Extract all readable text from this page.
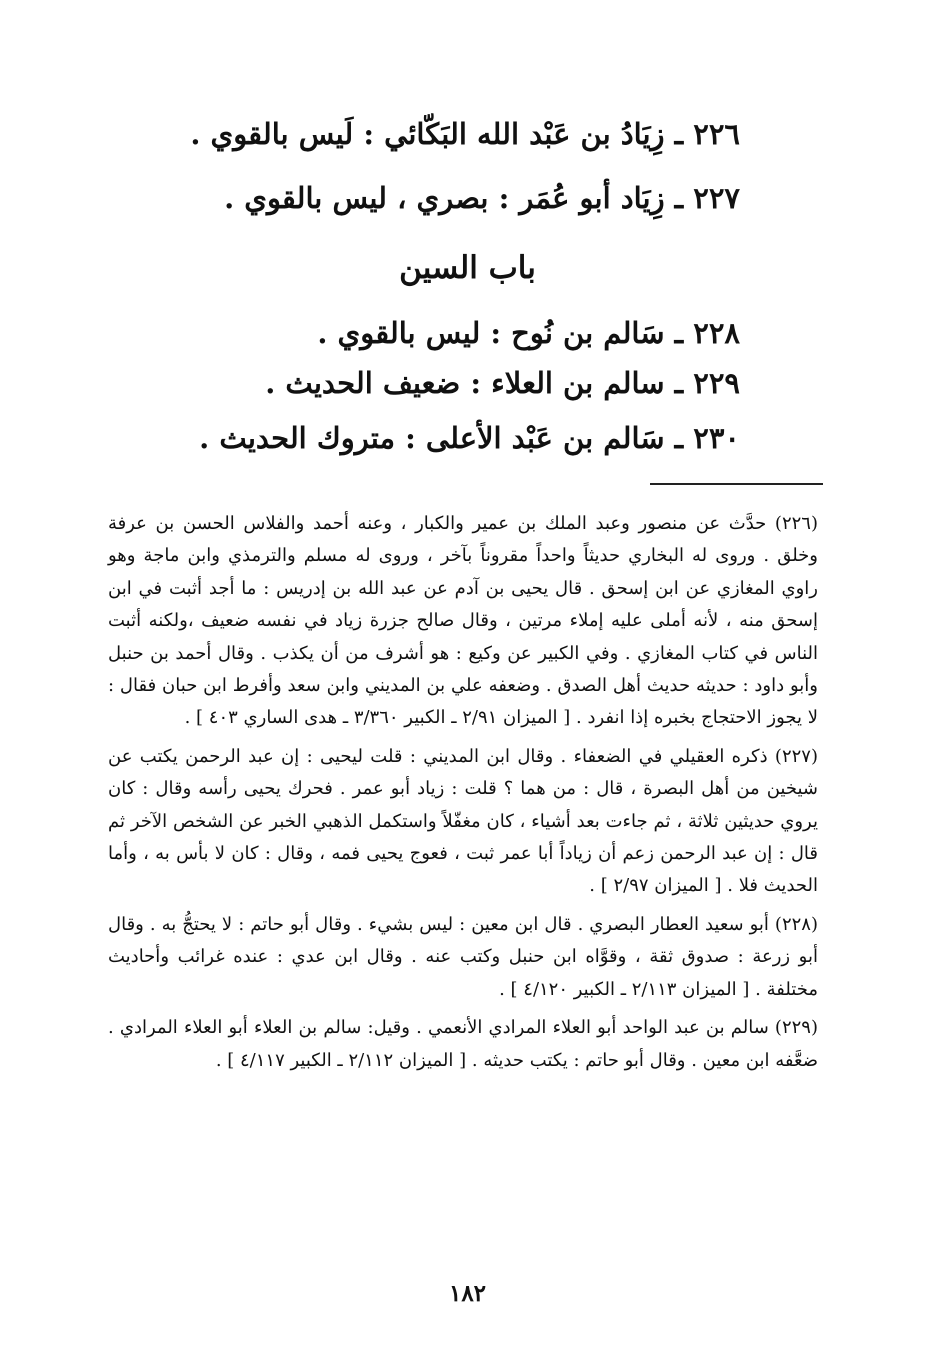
٢٢٦ ـ زِيَادُ بن عَبْد الله البَكّائي : لَيس بالقوي .
٢٢٧ ـ زِيَاد أبو عُمَر : بصري ، ليس بالقوي .
باب السين
٢٢٨ ـ سَالم بن نُوح : ليس بالقوي .
٢٢٩ ـ سالم بن العلاء : ضعيف الحديث .
٢٣٠ ـ سَالم بن عَبْد الأعلى : متروك الحديث .

(٢٢٦) حدَّث عن منصور وعبد الملك بن عمير والكبار ، وعنه أحمد والفلاس الحسن بن عرفة وخلق . وروى له البخاري حديثاً واحداً مقروناً بآخر ، وروى له مسلم والترمذي وابن ماجة وهو راوي المغازي عن ابن إسحق . قال يحيى بن آدم عن عبد الله بن إدريس : ما أجد أثبت في ابن إسحق منه ، لأنه أملى عليه إملاء مرتين ، وقال صالح جزرة زياد في نفسه ضعيف ،ولكنه أثبت الناس في كتاب المغازي . وفي الكبير عن وكيع : هو أشرف من أن يكذب . وقال أحمد بن حنبل وأبو داود : حديثه حديث أهل الصدق . وضعفه علي بن المديني وابن سعد وأفرط ابن حبان فقال : لا يجوز الاحتجاج بخبره إذا انفرد . [ الميزان ٢/٩١ ـ الكبير ٣/٣٦٠ ـ هدى الساري ٤٠٣ ] .

(٢٢٧) ذكره العقيلي في الضعفاء . وقال ابن المديني : قلت ليحيى : إن عبد الرحمن يكتب عن شيخين من أهل البصرة ، قال : من هما ؟ قلت : زياد أبو عمر . فحرك يحيى رأسه وقال : كان يروي حديثين ثلاثة ، ثم جاءت بعد أشياء ، كان مغفّلاً واستكمل الذهبي الخبر عن الشخص الآخر ثم قال : إن عبد الرحمن زعم أن زياداً أبا عمر ثبت ، فعوج يحيى فمه ، وقال : كان لا بأس به ، وأما الحديث فلا . [ الميزان ٢/٩٧ ] .

(٢٢٨) أبو سعيد العطار البصري . قال ابن معين : ليس بشيء . وقال أبو حاتم : لا يحتجُّ به . وقال أبو زرعة : صدوق ثقة ، وقوَّاه ابن حنبل وكتب عنه . وقال ابن عدي : عنده غرائب وأحاديث مختلفة . [ الميزان ٢/١١٣ ـ الكبير ٤/١٢٠ ] .

(٢٢٩) سالم بن عبد الواحد أبو العلاء المرادي الأنعمي . وقيل: سالم بن العلاء أبو العلاء المرادي . ضعَّفه ابن معين . وقال أبو حاتم : يكتب حديثه . [ الميزان ٢/١١٢ ـ الكبير ٤/١١٧ ] .

١٨٢
